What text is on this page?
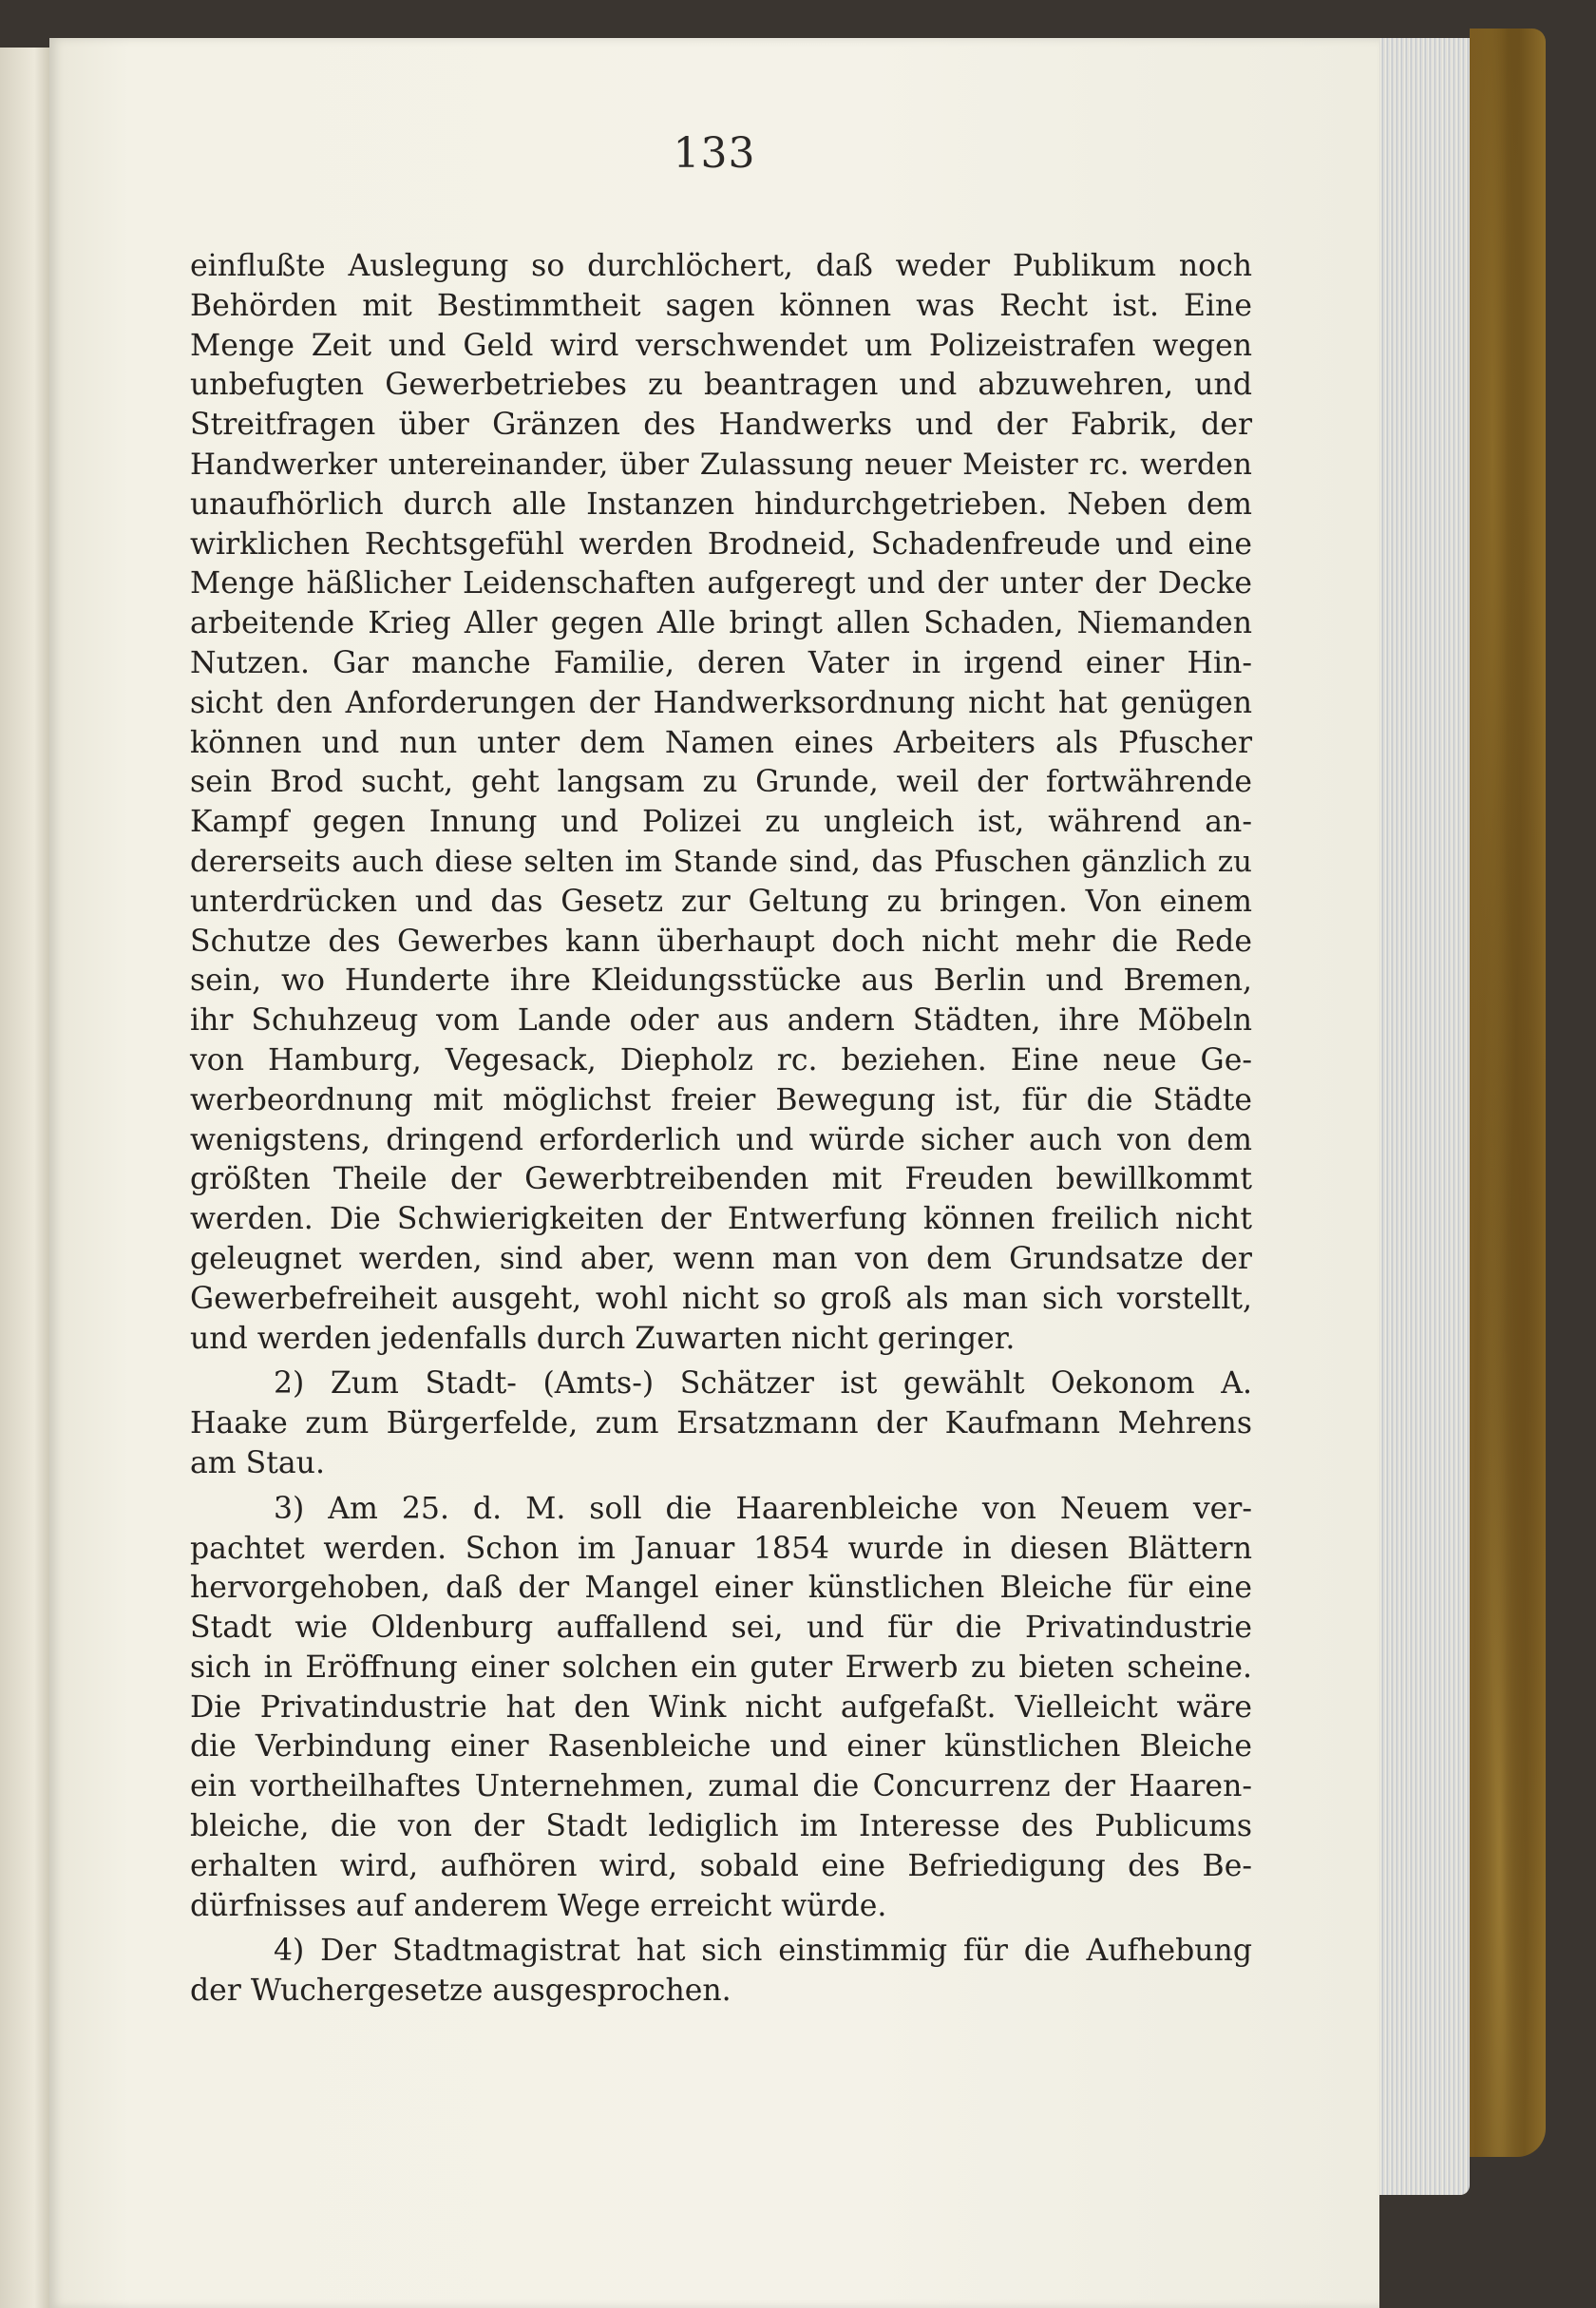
133
einflußte Auslegung so durchlöchert, daß weder Publikum noch
Behörden mit Bestimmtheit sagen können was Recht ist. Eine
Menge Zeit und Geld wird verschwendet um Polizeistrafen wegen
unbefugten Gewerbetriebes zu beantragen und abzuwehren, und
Streitfragen über Gränzen des Handwerks und der Fabrik, der
Handwerker untereinander, über Zulassung neuer Meister rc. werden
unaufhörlich durch alle Instanzen hindurchgetrieben. Neben dem
wirklichen Rechtsgefühl werden Brodneid, Schadenfreude und eine
Menge häßlicher Leidenschaften aufgeregt und der unter der Decke
arbeitende Krieg Aller gegen Alle bringt allen Schaden, Niemanden
Nutzen. Gar manche Familie, deren Vater in irgend einer Hin-
sicht den Anforderungen der Handwerksordnung nicht hat genügen
können und nun unter dem Namen eines Arbeiters als Pfuscher
sein Brod sucht, geht langsam zu Grunde, weil der fortwährende
Kampf gegen Innung und Polizei zu ungleich ist, während an-
dererseits auch diese selten im Stande sind, das Pfuschen gänzlich zu
unterdrücken und das Gesetz zur Geltung zu bringen. Von einem
Schutze des Gewerbes kann überhaupt doch nicht mehr die Rede
sein, wo Hunderte ihre Kleidungsstücke aus Berlin und Bremen,
ihr Schuhzeug vom Lande oder aus andern Städten, ihre Möbeln
von Hamburg, Vegesack, Diepholz rc. beziehen. Eine neue Ge-
werbeordnung mit möglichst freier Bewegung ist, für die Städte
wenigstens, dringend erforderlich und würde sicher auch von dem
größten Theile der Gewerbtreibenden mit Freuden bewillkommt
werden. Die Schwierigkeiten der Entwerfung können freilich nicht
geleugnet werden, sind aber, wenn man von dem Grundsatze der
Gewerbefreiheit ausgeht, wohl nicht so groß als man sich vorstellt,
und werden jedenfalls durch Zuwarten nicht geringer.
2) Zum Stadt- (Amts-) Schätzer ist gewählt Oekonom A.
Haake zum Bürgerfelde, zum Ersatzmann der Kaufmann Mehrens
am Stau.
3) Am 25. d. M. soll die Haarenbleiche von Neuem ver-
pachtet werden. Schon im Januar 1854 wurde in diesen Blättern
hervorgehoben, daß der Mangel einer künstlichen Bleiche für eine
Stadt wie Oldenburg auffallend sei, und für die Privatindustrie
sich in Eröffnung einer solchen ein guter Erwerb zu bieten scheine.
Die Privatindustrie hat den Wink nicht aufgefaßt. Vielleicht wäre
die Verbindung einer Rasenbleiche und einer künstlichen Bleiche
ein vortheilhaftes Unternehmen, zumal die Concurrenz der Haaren-
bleiche, die von der Stadt lediglich im Interesse des Publicums
erhalten wird, aufhören wird, sobald eine Befriedigung des Be-
dürfnisses auf anderem Wege erreicht würde.
4) Der Stadtmagistrat hat sich einstimmig für die Aufhebung
der Wuchergesetze ausgesprochen.
